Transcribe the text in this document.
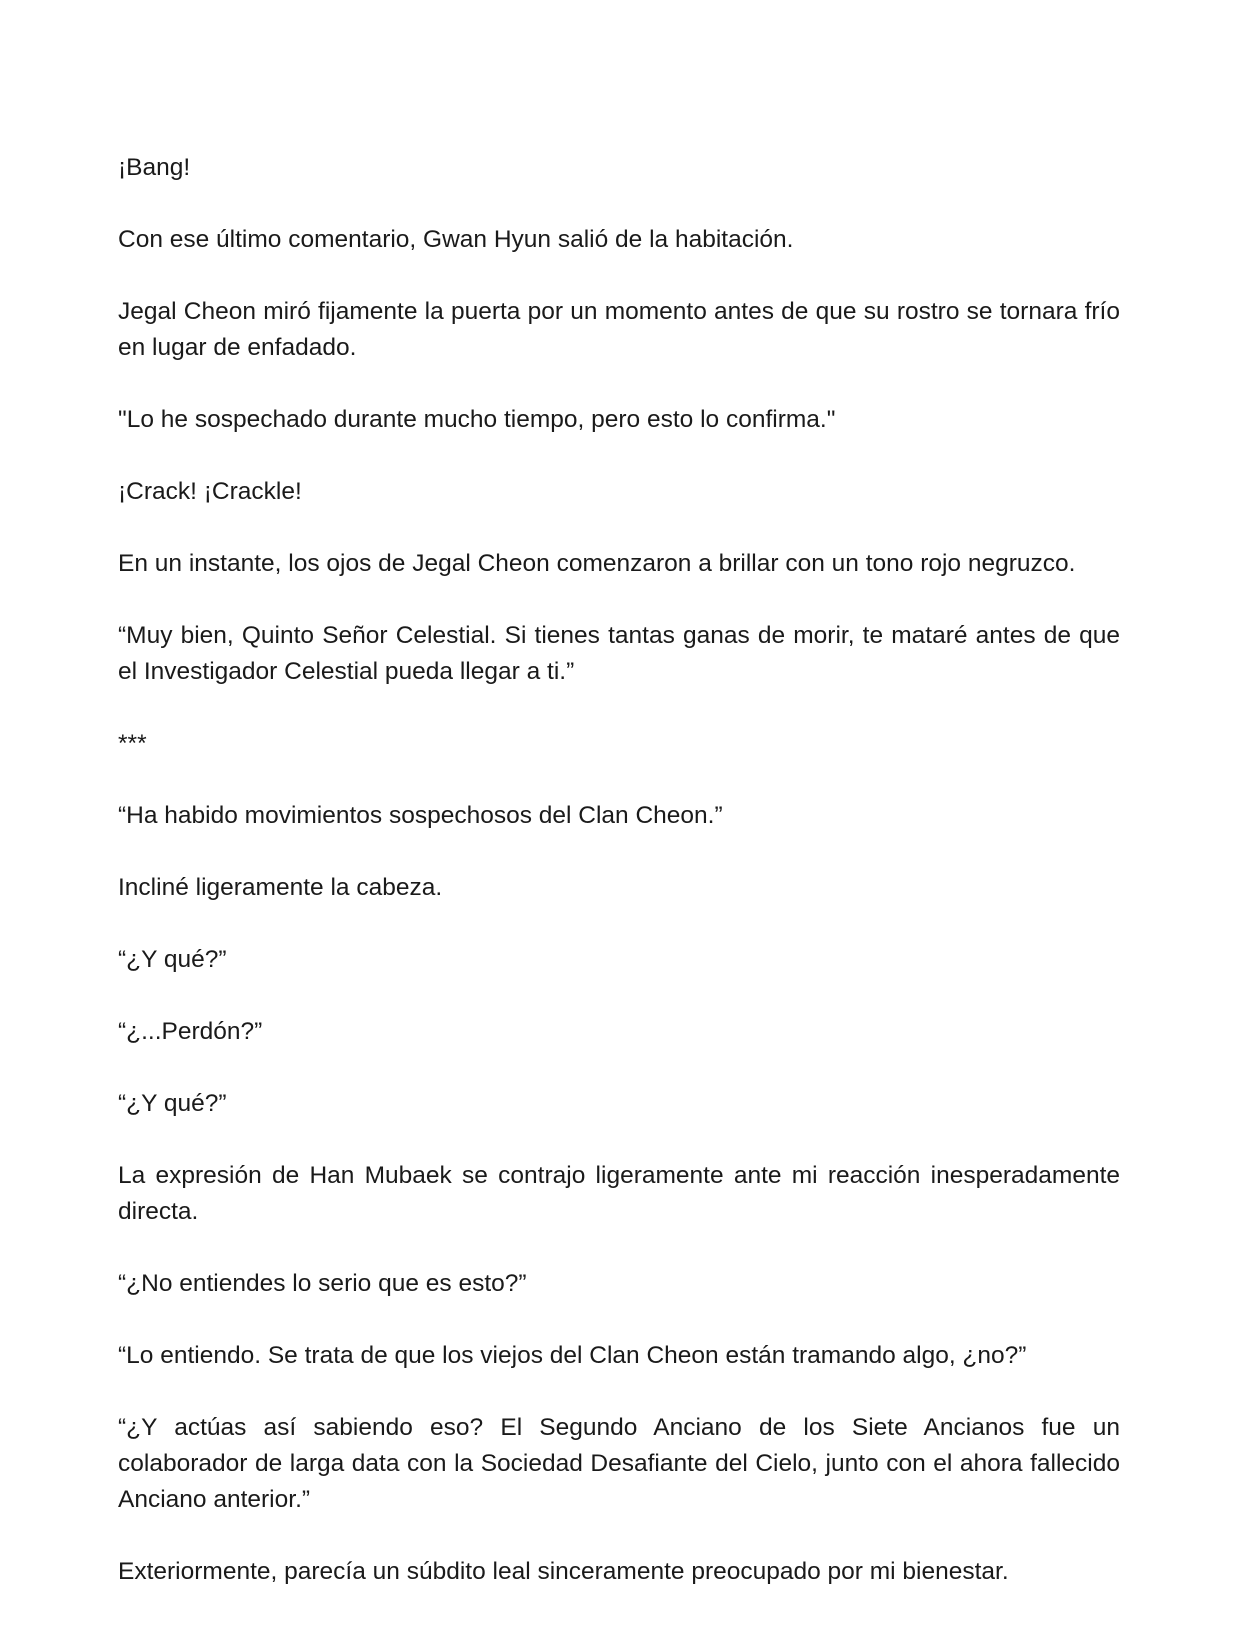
¡Bang!

Con ese último comentario, Gwan Hyun salió de la habitación.

Jegal Cheon miró fijamente la puerta por un momento antes de que su rostro se tornara frío en lugar de enfadado.

"Lo he sospechado durante mucho tiempo, pero esto lo confirma."

¡Crack! ¡Crackle!

En un instante, los ojos de Jegal Cheon comenzaron a brillar con un tono rojo negruzco.

“Muy bien, Quinto Señor Celestial. Si tienes tantas ganas de morir, te mataré antes de que el Investigador Celestial pueda llegar a ti.”

***

“Ha habido movimientos sospechosos del Clan Cheon.”

Incliné ligeramente la cabeza.

“¿Y qué?”

“¿...Perdón?”

“¿Y qué?”

La expresión de Han Mubaek se contrajo ligeramente ante mi reacción inesperadamente directa.

“¿No entiendes lo serio que es esto?”

“Lo entiendo. Se trata de que los viejos del Clan Cheon están tramando algo, ¿no?”

“¿Y actúas así sabiendo eso? El Segundo Anciano de los Siete Ancianos fue un colaborador de larga data con la Sociedad Desafiante del Cielo, junto con el ahora fallecido Anciano anterior.”

Exteriormente, parecía un súbdito leal sinceramente preocupado por mi bienestar.
